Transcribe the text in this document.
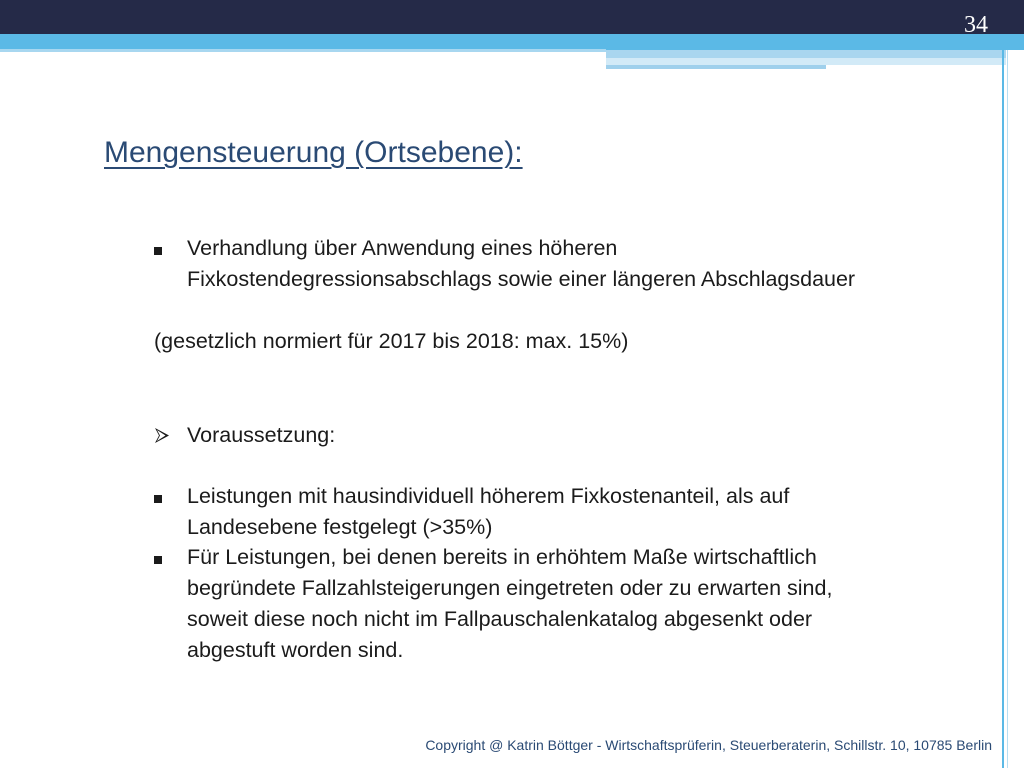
34
Mengensteuerung (Ortsebene):
Verhandlung über Anwendung eines höheren
Fixkostendegressionsabschlags sowie einer längeren Abschlagsdauer
(gesetzlich normiert für 2017 bis 2018: max. 15%)
Voraussetzung:
Leistungen mit hausindividuell höherem Fixkostenanteil, als auf
Landesebene festgelegt (>35%)
Für Leistungen, bei denen bereits in erhöhtem Maße wirtschaftlich
begründete Fallzahlsteigerungen eingetreten oder zu erwarten sind,
soweit diese noch nicht im Fallpauschalenkatalog abgesenkt oder
abgestuft worden sind.
Copyright @ Katrin Böttger - Wirtschaftsprüferin, Steuerberaterin, Schillstr. 10, 10785 Berlin
